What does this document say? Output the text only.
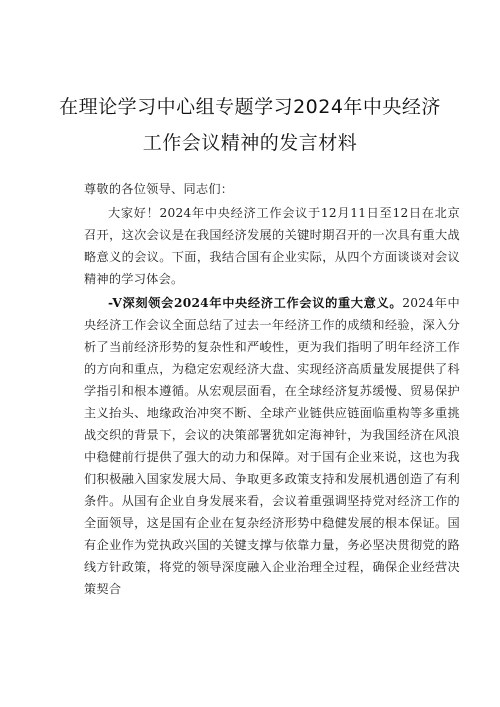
在理论学习中心组专题学习2024年中央经济
工作会议精神的发言材料
尊敬的各位领导、同志们：
大家好！2024年中央经济工作会议于12月11日至12日在北京召开，这次会议是在我国经济发展的关键时期召开的一次具有重大战略意义的会议。下面，我结合国有企业实际，从四个方面谈谈对会议精神的学习体会。
-V深刻领会2024年中央经济工作会议的重大意义。2024年中央经济工作会议全面总结了过去一年经济工作的成绩和经验，深入分析了当前经济形势的复杂性和严峻性，更为我们指明了明年经济工作的方向和重点，为稳定宏观经济大盘、实现经济高质量发展提供了科学指引和根本遵循。从宏观层面看，在全球经济复苏缓慢、贸易保护主义抬头、地缘政治冲突不断、全球产业链供应链面临重构等多重挑战交织的背景下，会议的决策部署犹如定海神针，为我国经济在风浪中稳健前行提供了强大的动力和保障。对于国有企业来说，这也为我们积极融入国家发展大局、争取更多政策支持和发展机遇创造了有利条件。从国有企业自身发展来看，会议着重强调坚持党对经济工作的全面领导，这是国有企业在复杂经济形势中稳健发展的根本保证。国有企业作为党执政兴国的关键支撑与依靠力量，务必坚决贯彻党的路线方针政策，将党的领导深度融入企业治理全过程，确保企业经营决策契合
